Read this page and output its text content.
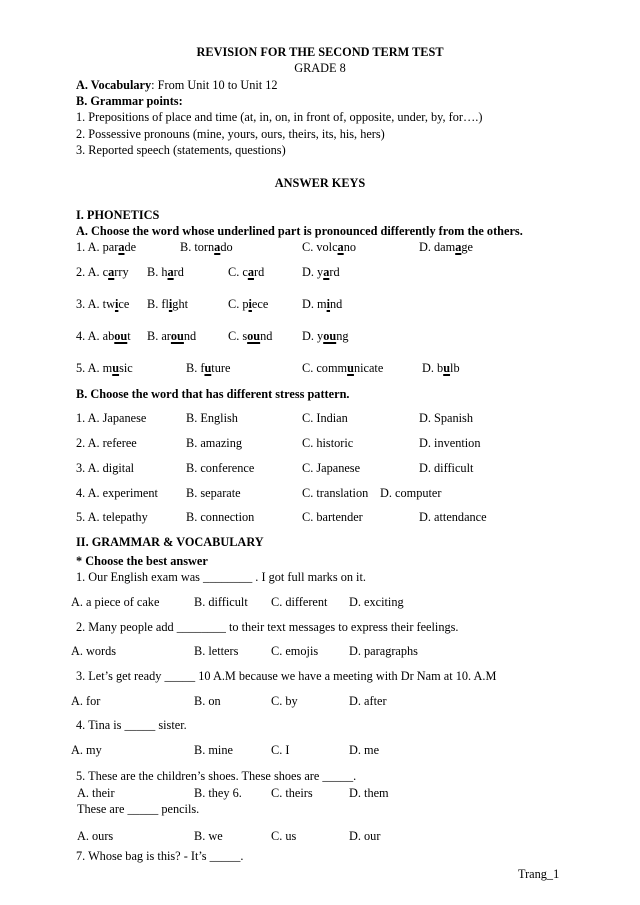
REVISION FOR THE SECOND TERM TEST
GRADE 8
A. Vocabulary: From Unit 10 to Unit 12
B. Grammar points:
1. Prepositions of place and time (at, in, on, in front of, opposite, under, by, for….)
2. Possessive pronouns (mine, yours, ours, theirs, its, his, hers)
3. Reported speech (statements, questions)
ANSWER KEYS
I. PHONETICS
A. Choose the word whose underlined part is pronounced differently from the others.
1. A. parade	B. tornado	C. volcano	D. damage
2. A. carry B. hard	C. card	D. yard
3. A. twice B. flight	C. piece	D. mind
4. A. about B. around	C. sound D. young
5. A. music	B. future	C. communicate	D. bulb
B. Choose the word that has different stress pattern.
1. A. Japanese	B. English	C. Indian	D. Spanish
2. A. referee	B. amazing	C. historic	D. invention
3. A. digital	B. conference	C. Japanese	D. difficult
4. A. experiment B. separate	C. translation D. computer
5. A. telepathy	B. connection	C. bartender	D. attendance
II. GRAMMAR & VOCABULARY
* Choose the best answer
1. Our English exam was ________ . I got full marks on it.
A. a piece of cake	B. difficult C. different D. exciting
2. Many people add ________ to their text messages to express their feelings.
A. words	B. letters	C. emojis	D. paragraphs
3. Let’s get ready _____ 10 A.M because we have a meeting with Dr Nam at 10. A.M
A. for	B. on	C. by	D. after
4. Tina is _____ sister.
A. my	B. mine	C. I	D. me
5. These are the children’s shoes. These shoes are _____.
A. their	B. they 6. C. theirs	D. them
These are _____ pencils.
A. ours	B. we	C. us	D. our
7. Whose bag is this? - It’s _____.
Trang_1
